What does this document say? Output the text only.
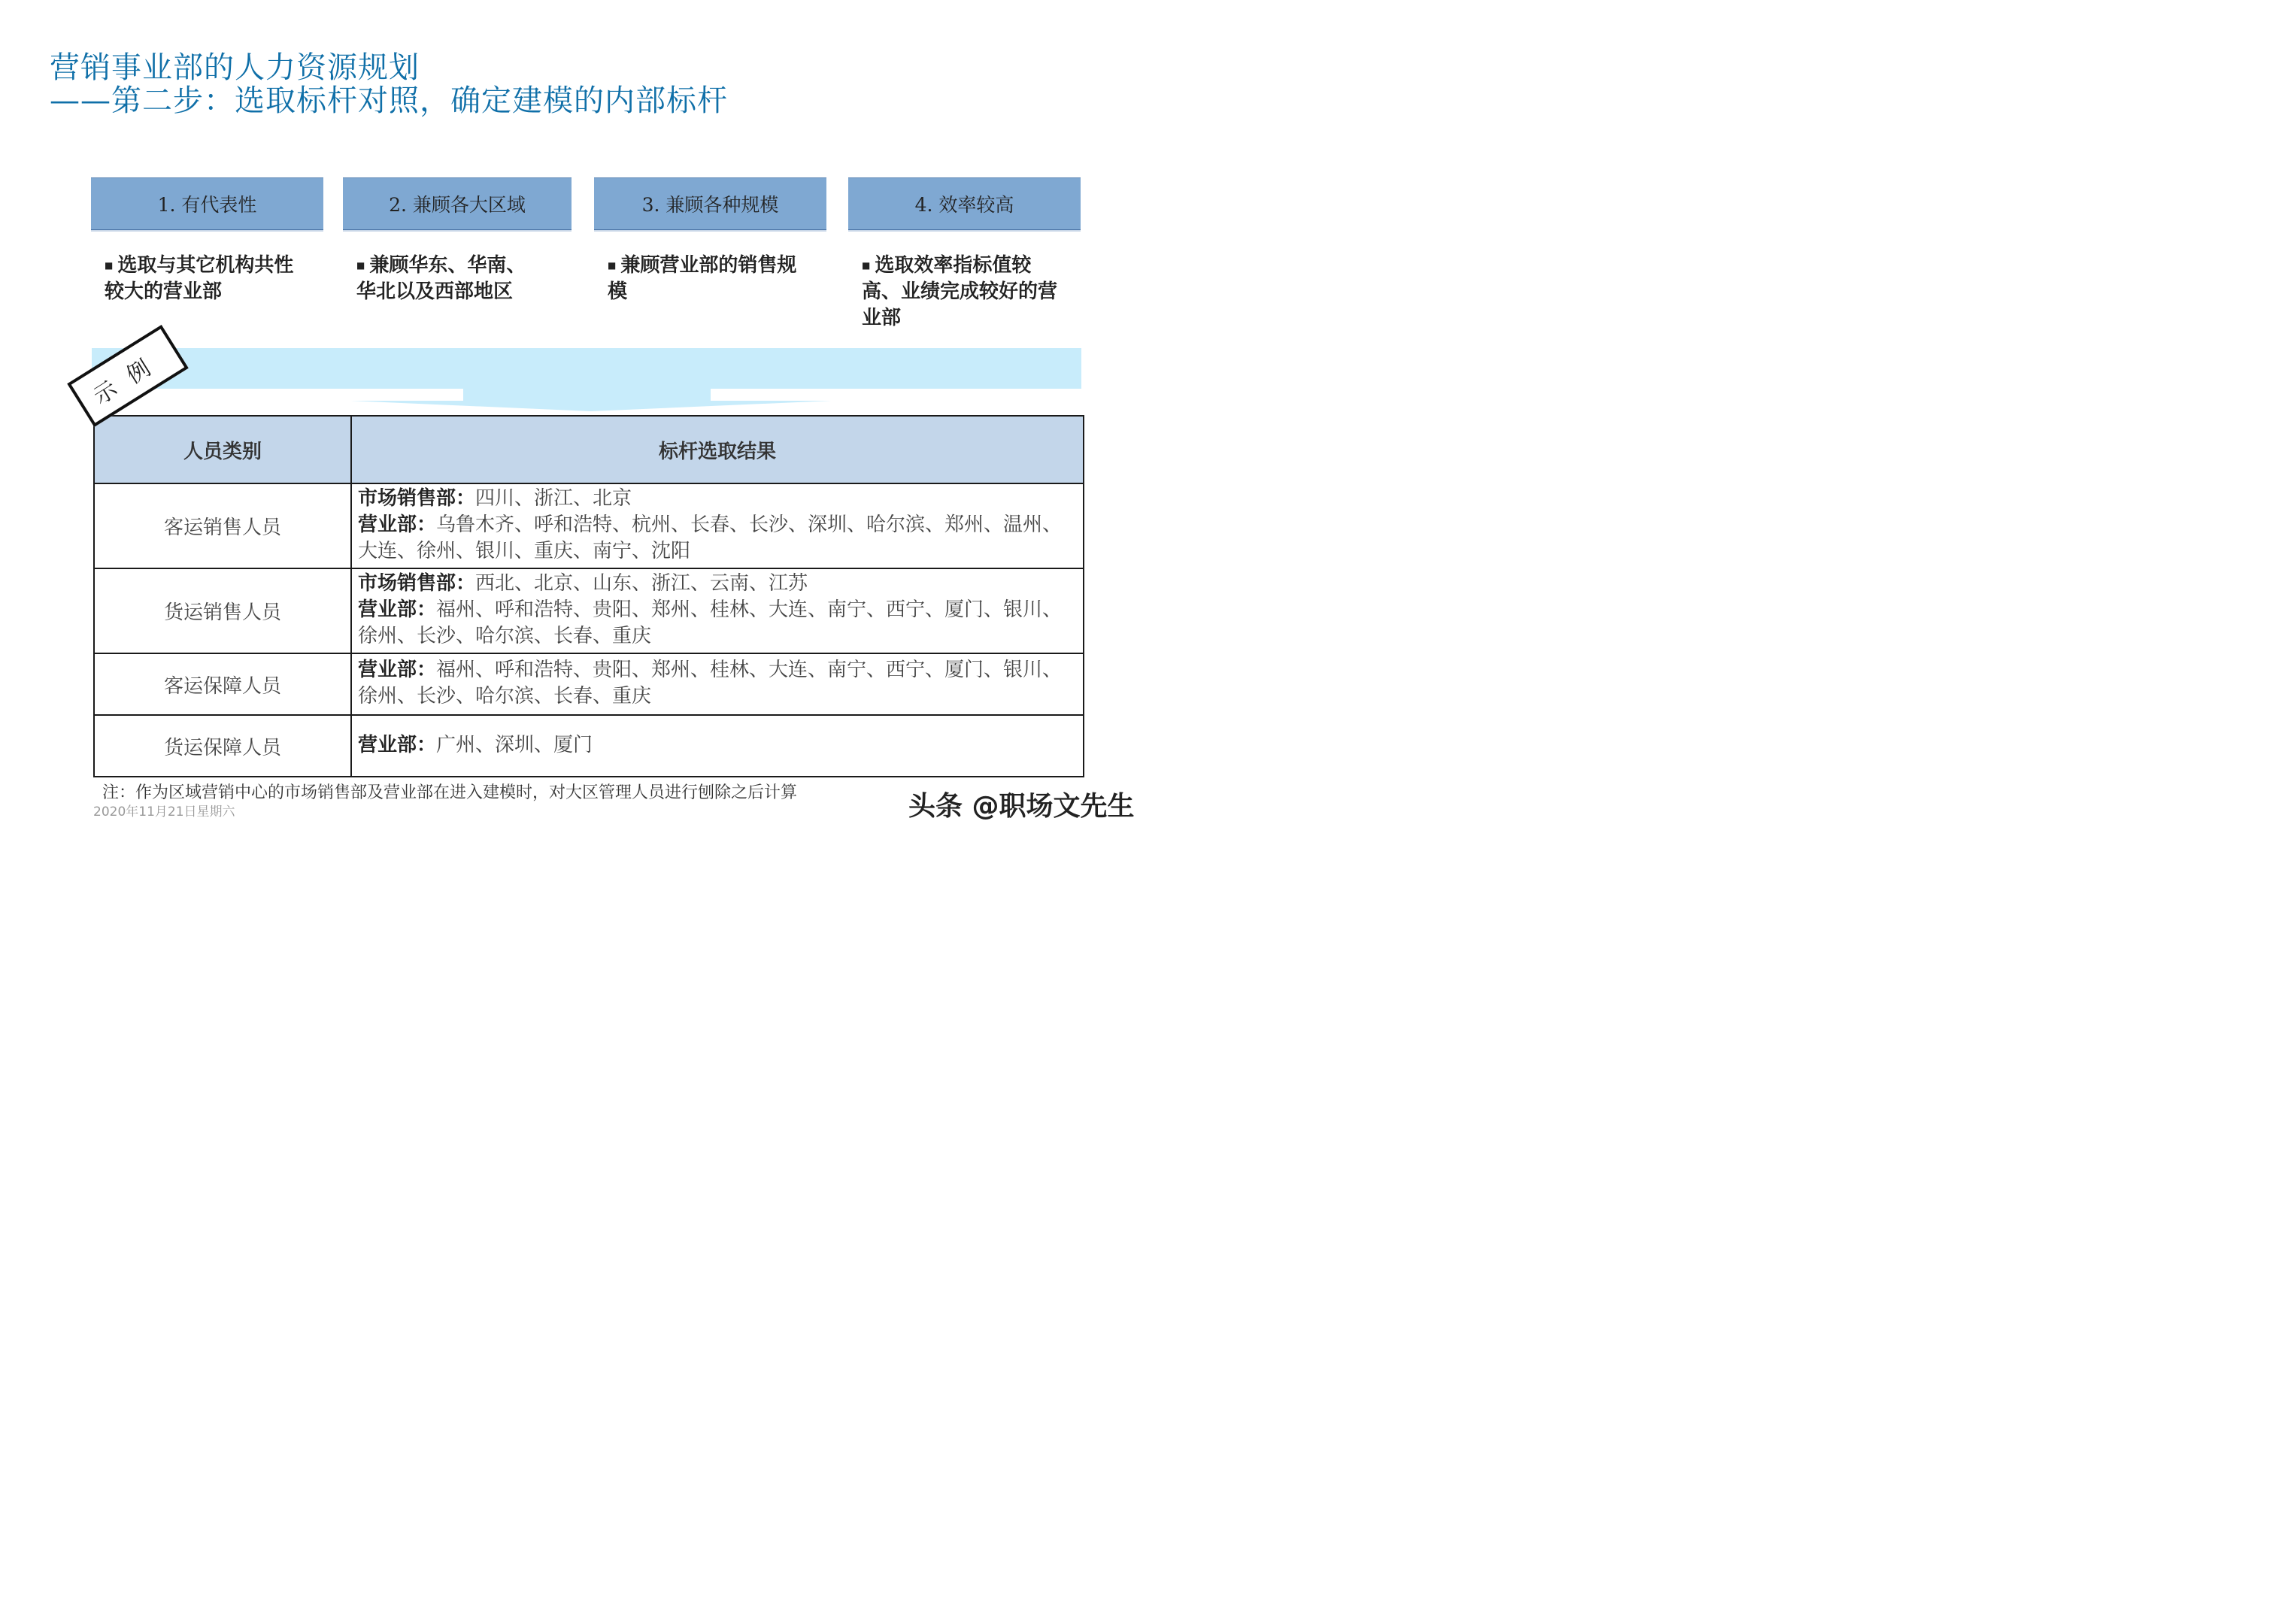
营销事业部的人力资源规划
——第二步：选取标杆对照，确定建模的内部标杆
1. 有代表性	2. 兼顾各大区域	3. 兼顾各种规模	4. 效率较高
■ 选取与其它机构共性较大的营业部
■ 兼顾华东、华南、华北以及西部地区
■ 兼顾营业部的销售规模
■ 选取效率指标值较高、业绩完成较好的营业部
人员类别	标杆选取结果
客运销售人员	市场销售部：四川、浙江、北京
营业部：乌鲁木齐、呼和浩特、杭州、长春、长沙、深圳、哈尔滨、郑州、温州、大连、徐州、银川、重庆、南宁、沈阳
货运销售人员	市场销售部：西北、北京、山东、浙江、云南、江苏
营业部：福州、呼和浩特、贵阳、郑州、桂林、大连、南宁、西宁、厦门、银川、徐州、长沙、哈尔滨、长春、重庆
客运保障人员	营业部：福州、呼和浩特、贵阳、郑州、桂林、大连、南宁、西宁、厦门、银川、徐州、长沙、哈尔滨、长春、重庆
货运保障人员	营业部：广州、深圳、厦门
示例
注：作为区域营销中心的市场销售部及营业部在进入建模时，对大区管理人员进行刨除之后计算
2020年11月21日星期六	头条 @职场文先生
